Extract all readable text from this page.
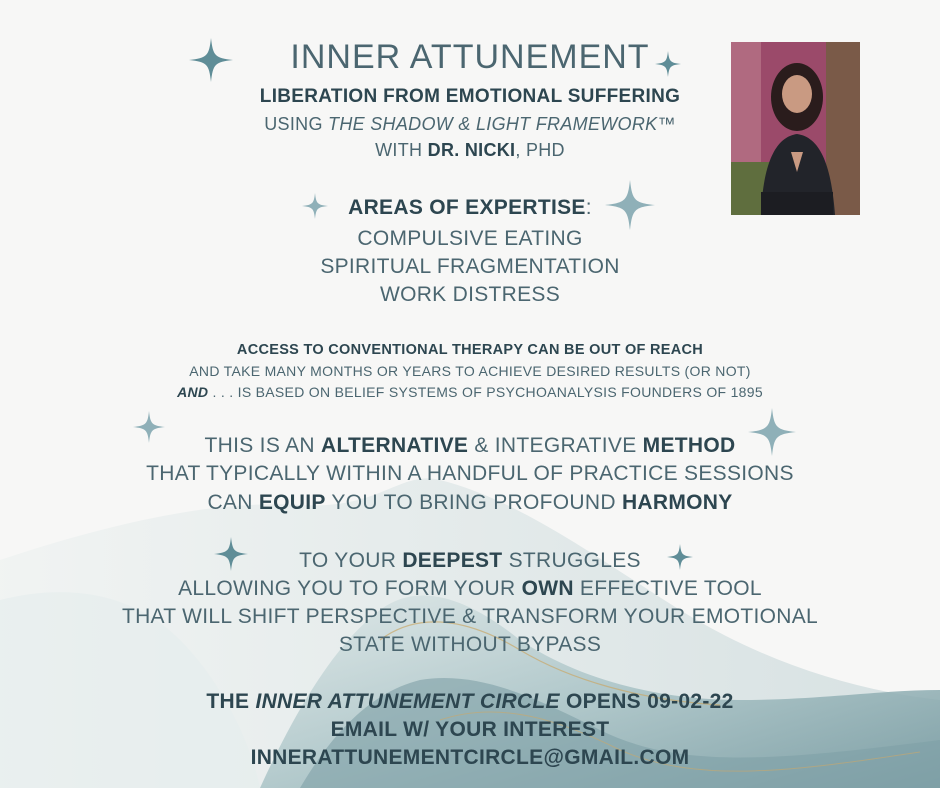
INNER ATTUNEMENT
LIBERATION FROM EMOTIONAL SUFFERING
USING THE SHADOW & LIGHT FRAMEWORK™
WITH DR. NICKI, PHD
AREAS OF EXPERTISE:
COMPULSIVE EATING
SPIRITUAL FRAGMENTATION
WORK DISTRESS
ACCESS TO CONVENTIONAL THERAPY CAN BE OUT OF REACH
AND TAKE MANY MONTHS OR YEARS TO ACHIEVE DESIRED RESULTS (OR NOT)
AND . . . IS BASED ON BELIEF SYSTEMS OF PSYCHOANALYSIS FOUNDERS OF 1895
THIS IS AN ALTERNATIVE & INTEGRATIVE METHOD
THAT TYPICALLY WITHIN A HANDFUL OF PRACTICE SESSIONS
CAN EQUIP YOU TO BRING PROFOUND HARMONY
TO YOUR DEEPEST STRUGGLES
ALLOWING YOU TO FORM YOUR OWN EFFECTIVE TOOL
THAT WILL SHIFT PERSPECTIVE & TRANSFORM YOUR EMOTIONAL
STATE WITHOUT BYPASS
THE INNER ATTUNEMENT CIRCLE OPENS 09-02-22
EMAIL W/ YOUR INTEREST
INNERATTUNEMENTCIRCLE@GMAIL.COM
